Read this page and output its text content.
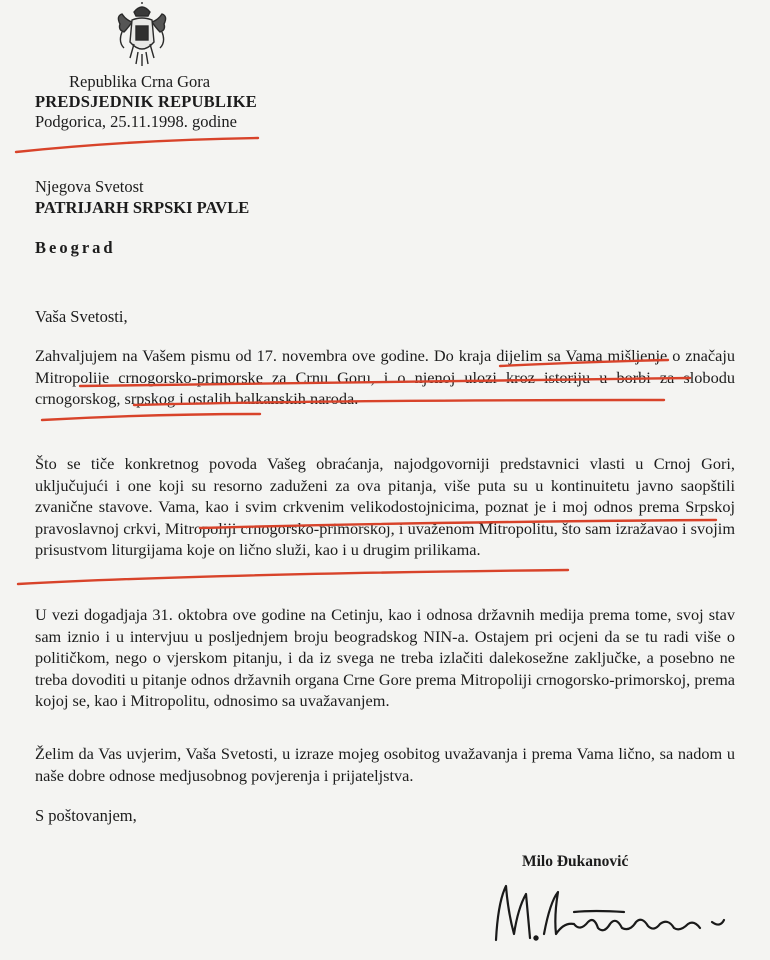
Republika Crna Gora
PREDSJEDNIK REPUBLIKE
Podgorica, 25.11.1998. godine
Njegova Svetost
PATRIJARH SRPSKI PAVLE
Beograd
Vaša Svetosti,

Zahvaljujem na Vašem pismu od 17. novembra ove godine. Do kraja dijelim sa Vama mišljenje o značaju Mitropolije crnogorsko-primorske za Crnu Goru, i o njenoj ulozi kroz istoriju u borbi za slobodu crnogorskog, srpskog i ostalih balkanskih naroda.

Što se tiče konkretnog povoda Vašeg obraćanja, najodgovorniji predstavnici vlasti u Crnoj Gori, uključujući i one koji su resorno zaduženi za ova pitanja, više puta su u kontinuitetu javno saopštili zvanične stavove. Vama, kao i svim crkvenim velikodostojnicima, poznat je i moj odnos prema Srpskoj pravoslavnoj crkvi, Mitropoliji crnogorsko-primorskoj, i uvaženom Mitropolitu, što sam izražavao i svojim prisustvom liturgijama koje on lično služi, kao i u drugim prilikama.

U vezi dogadjaja 31. oktobra ove godine na Cetinju, kao i odnosa državnih medija prema tome, svoj stav sam iznio i u intervjuu u posljednjem broju beogradskog NIN-a. Ostajem pri ocjeni da se tu radi više o političkom, nego o vjerskom pitanju, i da iz svega ne treba izlačiti dalekosežne zaključke, a posebno ne treba dovoditi u pitanje odnos državnih organa Crne Gore prema Mitropoliji crnogorsko-primorskoj, prema kojoj se, kao i Mitropolitu, odnosimo sa uvažavanjem.

Želim da Vas uvjerim, Vaša Svetosti, u izraze mojeg osobitog uvažavanja i prema Vama lično, sa nadom u naše dobre odnose medjusobnog povjerenja i prijateljstva.

S poštovanjem,
Milo Đukanović
